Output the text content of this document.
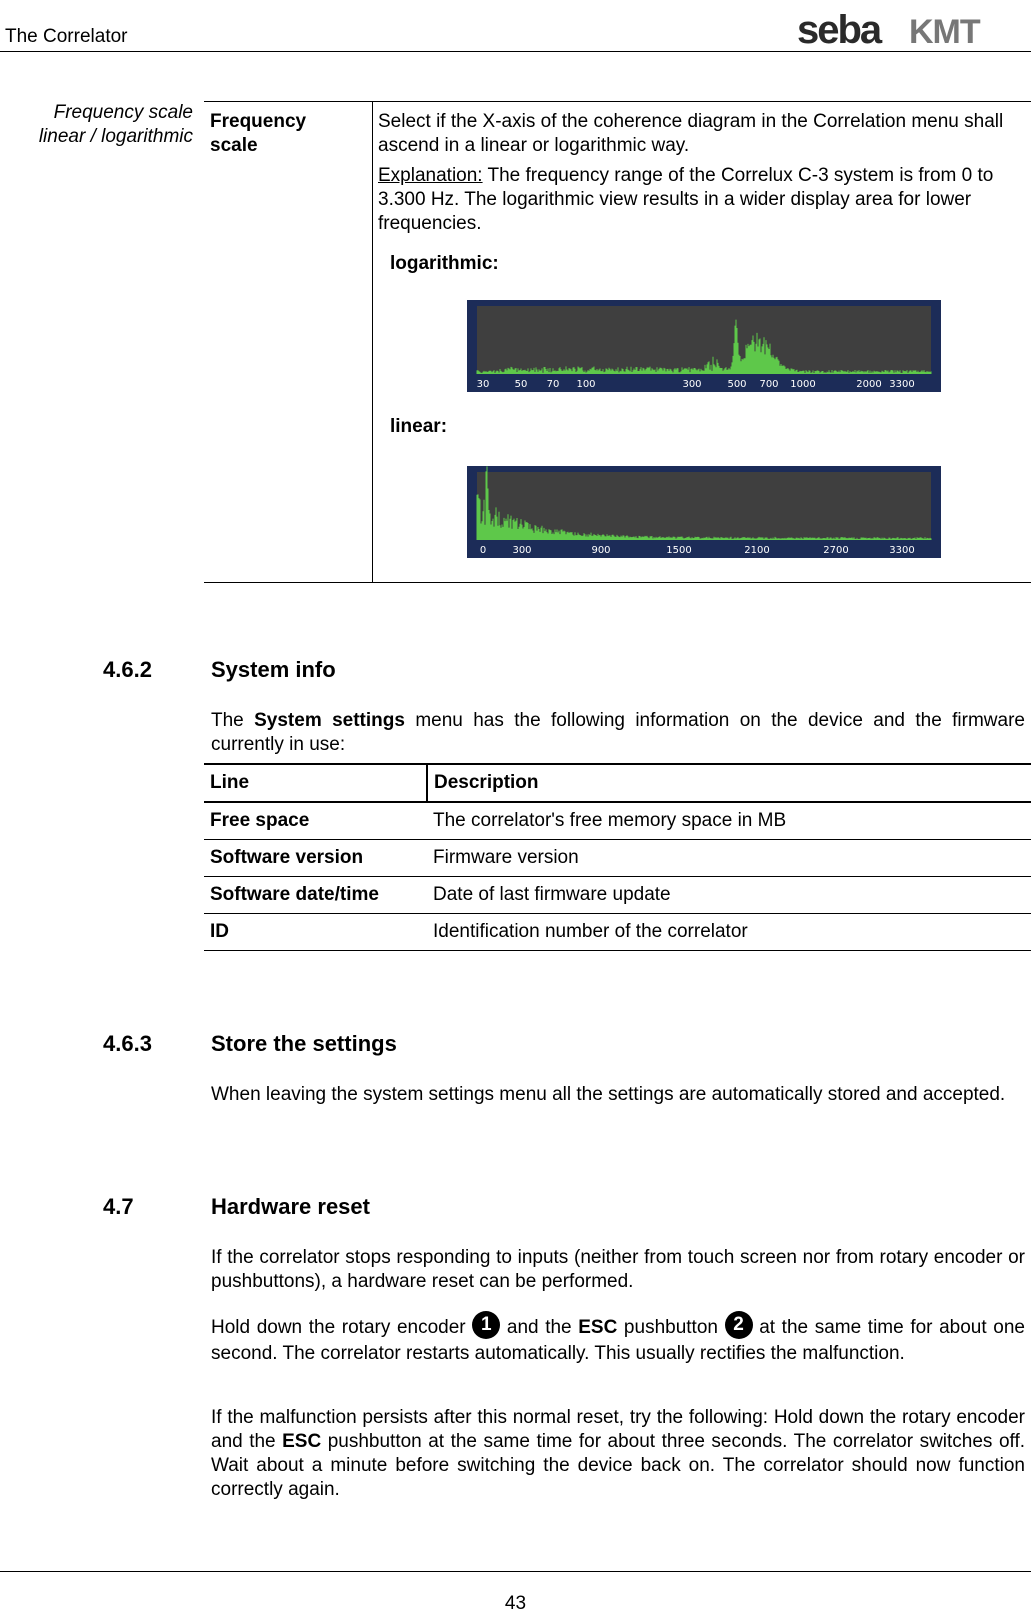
The Correlator	seba KMT
Frequency scale
linear / logarithmic
Frequency
scale
Select if the X-axis of the coherence diagram in the Correlation menu shall ascend in a linear or logarithmic way.
Explanation: The frequency range of the Correlux C-3 system is from 0 to 3.300 Hz. The logarithmic view results in a wider display area for lower frequencies.
logarithmic:
30	50 70 100	300	500 700 1000	2000 3300
linear:
0	300	900	1500	2100	2700	3300
4.6.2	System info
The System settings menu has the following information on the device and the firmware currently in use:
Line	Description
Free space	The correlator's free memory space in MB
Software version	Firmware version
Software date/time	Date of last firmware update
ID	Identification number of the correlator
4.6.3	Store the settings
When leaving the system settings menu all the settings are automatically stored and accepted.
4.7	Hardware reset
If the correlator stops responding to inputs (neither from touch screen nor from rotary encoder or pushbuttons), a hardware reset can be performed.
Hold down the rotary encoder 1 and the ESC pushbutton 2 at the same time for about one second. The correlator restarts automatically. This usually rectifies the malfunction.
If the malfunction persists after this normal reset, try the following: Hold down the rotary encoder and the ESC pushbutton at the same time for about three seconds. The correlator switches off. Wait about a minute before switching the device back on. The correlator should now function correctly again.
43
